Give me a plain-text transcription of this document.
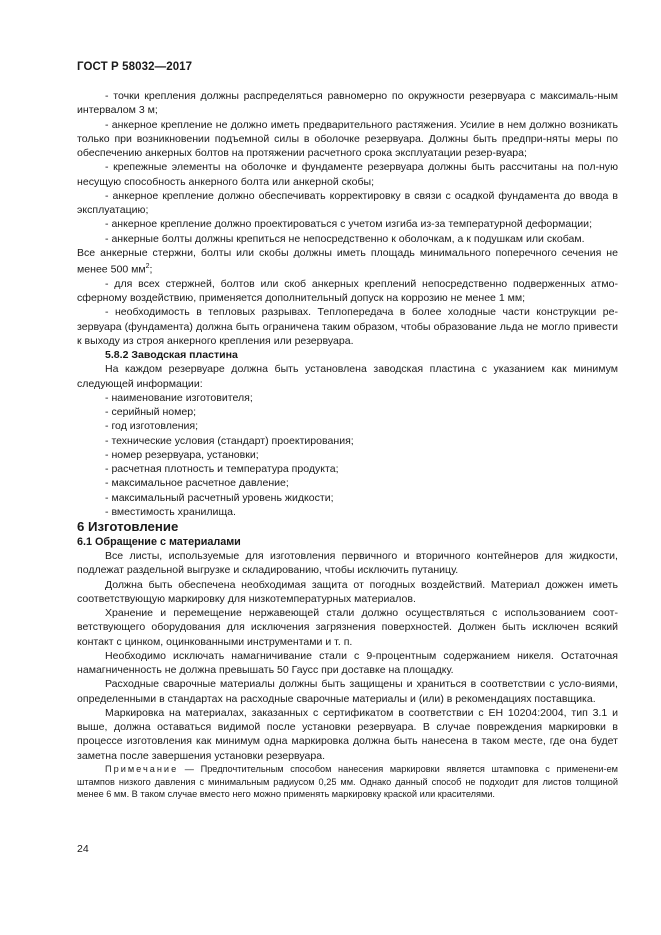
ГОСТ Р 58032—2017

- точки крепления должны распределяться равномерно по окружности резервуара с максималь-ным интервалом 3 м;

- анкерное крепление не должно иметь предварительного растяжения. Усилие в нем должно возникать только при возникновении подъемной силы в оболочке резервуара. Должны быть предпри-няты меры по обеспечению анкерных болтов на протяжении расчетного срока эксплуатации резер-вуара;

- крепежные элементы на оболочке и фундаменте резервуара должны быть рассчитаны на пол-ную несущую способность анкерного болта или анкерной скобы;

- анкерное крепление должно обеспечивать корректировку в связи с осадкой фундамента до ввода в эксплуатацию;

- анкерное крепление должно проектироваться с учетом изгиба из-за температурной деформации;

- анкерные болты должны крепиться не непосредственно к оболочкам, а к подушкам или скобам.

Все анкерные стержни, болты или скобы должны иметь площадь минимального поперечного сечения не менее 500 $мм^2$;

- для всех стержней, болтов или скоб анкерных креплений непосредственно подверженных атмо-сферному воздействию, применяется дополнительный допуск на коррозию не менее 1 мм;

- необходимость в тепловых разрывах. Теплопередача в более холодные части конструкции ре-зервуара (фундамента) должна быть ограничена таким образом, чтобы образование льда не могло привести к выходу из строя анкерного крепления или резервуара.

5.8.2 Заводская пластина

На каждом резервуаре должна быть установлена заводская пластина с указанием как минимум следующей информации:

- наименование изготовителя;

- серийный номер;

- год изготовления;

- технические условия (стандарт) проектирования;

- номер резервуара, установки;

- расчетная плотность и температура продукта;

- максимальное расчетное давление;

- максимальный расчетный уровень жидкости;

- вместимость хранилища.

6 Изготовление

6.1 Обращение с материалами

Все листы, используемые для изготовления первичного и вторичного контейнеров для жидкости, подлежат раздельной выгрузке и складированию, чтобы исключить путаницу.

Должна быть обеспечена необходимая защита от погодных воздействий. Материал дожжен иметь соответствующую маркировку для низкотемпературных материалов.

Хранение и перемещение нержавеющей стали должно осуществляться с использованием соот-ветствующего оборудования для исключения загрязнения поверхностей. Должен быть исключен всякий контакт с цинком, оцинкованными инструментами и т. п.

Необходимо исключать намагничивание стали с 9-процентным содержанием никеля. Остаточная намагниченность не должна превышать 50 Гаусс при доставке на площадку.

Расходные сварочные материалы должны быть защищены и храниться в соответствии с усло-виями, определенными в стандартах на расходные сварочные материалы и (или) в рекомендациях поставщика.

Маркировка на материалах, заказанных с сертификатом в соответствии с ЕН 10204:2004, тип 3.1 и выше, должна оставаться видимой после установки резервуара. В случае повреждения маркировки в процессе изготовления как минимум одна маркировка должна быть нанесена в таком месте, где она будет заметна после завершения установки резервуара.

Примечание — Предпочтительным способом нанесения маркировки является штамповка с применени-ем штампов низкого давления с минимальным радиусом 0,25 мм. Однако данный способ не подходит для листов толщиной менее 6 мм. В таком случае вместо него можно применять маркировку краской или красителями.

24
